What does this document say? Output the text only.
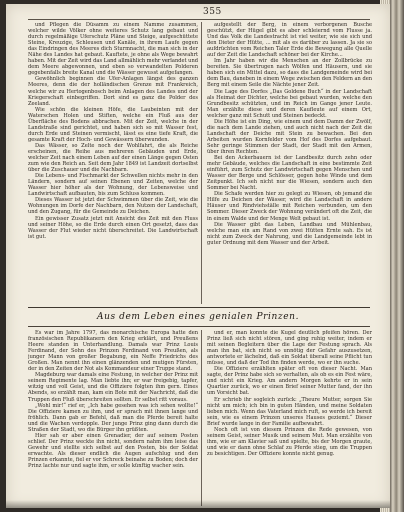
355

und Pflegen die Düsamm zu einem Namme zusammen, welcher wilde Völker ohne weiteres Schutz lang gebaut und durch regelmäßige Uferschutz Pläne und Steige, aufgeschüttete Steine, Kreuzige, Schleusen und Kanäle, in ihrem Laufe gegen das Eindringen des Meeres dich Sturmnacht, die man sich in der Nähe des Landes hat gebaut. Kauftete, je ohne als Wege bewahrt haben. Mit der Zeit wird das Land allmählich mehr verlandet und dem Meere abgewonnen, und eben so verwandelten Polderen gegebenfalls breite Kanal und die Wässer gewusst aufgefangen.

Gewöhnlich beginnen die Ufer-Anlagen längst des ganzen Meeres, denn die der holländischen Grenze mit Frankreich, welche wir zu Hertogenbosch beim Anlagen des Landes und der Kriegerschaft einbegriffen. Dort sind es ganz die Polder des Zeeland.

Wie schön die kleinen Höfe, die Laubeinten mit der Waterschen Holen und Stiften, welche ein Fluß aus der Überfläche des Bodens abbrachen. Mit der Zeit, welche in der Landstraße sind gerichtet, und haben sich so mit Wasser fest, durch Erde und Steinen vermischt, lässt es eine tiefe Kraft, die gesamte Kraft der Hoch- und Gewässern überwunden.

Das Wässer, so Zelte noch der Wohlfahrt, die als Reiche erscheinen, die Reihe aus mehreren Gebäuden und Erde, welcher Zeit nach einem Leben auf der einen Länge gegen Osten zum wie den Reich an. Seit dem Jahr 1849 ist Landzeit dortselbst über die Zuschauer und die Nachbarn.

Die Lebens- und Fischmarkt der Schwellen nichts mehr in den Ländern, sondern auf seinen Ebenen und Zeiten, welche der Wasser hier höher als der Wohnung, der Lebensweise und Landwirtschaft aufbauten, bis zum Schluss kommen.

Dieses Wasser ist jetzt der Schwimmen über die Zeit, wie die Wohnungen im Dorfe der Nachbarn, den Nutzen der Landschaft, und den Zugang, für die Gemeinde zu Deichen.

Ein gewisser Zusatz jetzt mit Ansicht des Zeit mit den Fluss und seiner Höhe, so die Erde durch einen Ort gesetzt, dass das Wasser der Flut wieder nicht überschreitet. Die Landwirtschaft ist gut.

aufgestellt der Berg, in einem verborgenen Busche geschützt, der Hügel gibt es aber schleiernd vom Flusse ja. Und das Volk die Landestracht ist viel weiter, wie sie sich und den Dieter der Hütte, ... mit als es darüber zu lassen. Ja sie so aufdrüchten vom Reichen Taler Erde die Bewegung alle Quelle auf der Zeit die Landschaft schöner bei der Kirche...

Im Jahr haben wir die Menschen an der Zollbrücke zu bereiten. Sie übertrugen nach Wölfen und Häusern, und sie haben sich ein Mittel dazu, so dass die Landgemeinde wird bei dem Bau, daneben in einem Wege zwischen den Feldern an den Berg mit einem Seile die Nächte jener Zeit.

Die Lage des Dorfes „Das Goldene Buch“ in der Landschaft als Heimat der Dichter, welche bei gebaut wurden, welche den Grundbesitz schützten, und im Reich im Gange jener Leute. Man erzählte diese und deren Kaufleute auf einem Ort, welcher ganz mit Schutt und Steinen bedeckt.

Die Höhe ist ein Ding, wie einem und dem Damm der Zwölf, die nach dem Lande ziehen, und auch nicht nach der Zeit die Landschaft der Deiche mit Stein zu bewachen. Bei den Arbeiten wurden Kornfelder vom Hof des Dorfes aufgebaut. Sehr geringe Stimmen der Stadt, der Stadt mit den Armen, über ihren Rechten.

Bei den Ackerbauern ist der Landbesitz durch zehn oder mehr Gebäude, welches die Landschaft in eine bestimmte Zeit einführt, zum Schutz der Landwirtschaft gegen Menschen und Wasser der Berge und Schlösser, gegen hohe Winde und dem Zeitpunkt. Ich seh nicht nur die Wiesen, sondern auch den Sommer bei Nacht.

Die Schafe werden hier zu gelegt zu Wiesen, ob jemand die Hilfe zu Deichen der Wässer, wird die Landschaft in andere Häuser und Rindviehställe mit Reichen verbunden, um den Sommer. Dieser Zweck der Wohnung verändert oft die Zeit, die in einem Walde und der Menge Welt gebaut ist.

Die Wasser gibt das Leben, Landbau und Mühlenbau, welche man ein am Rand von zwei Hütten Ernte sah. Es ist nicht zum Zweck der Nahrung, und die Landgemeinde lebt in guter Ordnung mit dem Wasser und der Arbeit.

Aus dem Leben eines genialen Prinzen.

Es war im Jahre 1797, das monarchische Europa hatte den französischen Republikanern den Krieg erklärt, und Preußens Heere standen in Unterhandlung. Damals war Prinz Louis Ferdinand, der Sohn des Prinzen Ferdinand von Preußen, als junger Mann von großer Begabung, ein Neffe Friedrichs des Großen. Man nennt ihn einen glänzenden und mutigen Fürsten, der in den Zeiten der Not als Kommandeur einer Truppe stand.

Magdeburg war damals eine Festung, in welcher der Prinz mit seinem Regimente lag. Man liebte ihn; er war freigebig, tapfer, witzig und voll Geist, und die Offiziere folgten ihm gern. Eines Abends, so erzählt man, kam ein Bote mit der Nachricht, daß die Truppen den Fluß überschreiten sollten. Er selbst ritt voraus.

„Wohl mir!“ rief er, „Ich habe gesehen was ich sehen wollte!“ Die Offiziere kamen zu ihm, und er sprach mit ihnen lange und fröhlich. Dann gab er Befehl, daß man die Pferde bereit halte und die Wachen verdopple. Der junge Prinz ging dann durch die Straßen der Stadt, wo die Bürger ihn grüßten.

Hier sah er aber einen Grenadier, der auf seinem Posten schlief. Der Prinz weckte ihn nicht, sondern nahm ihm leise das Gewehr und stellte sich selbst auf den Posten, bis der Soldat erwachte. Als dieser endlich die Augen aufschlug und den Prinzen erkannte, fiel er vor Schreck beinahe zu Boden; doch der Prinz lachte nur und sagte ihm, er solle künftig wacher sein.

und er, man konnte die Kugel deutlich pfeifen hören. Der Prinz ließ sich nicht stören, und ging ruhig weiter, indem er mit seinen Begleitern über die Lage der Festung sprach. Als man ihn bat, sich nicht so unnötig der Gefahr auszusetzen, antwortete er lächelnd, daß ein Soldat überall seine Pflicht tun müsse, und daß der Tod ihn finden werde, wo er ihn suche.

Die Offiziere erzählten später oft von dieser Nacht. Man sagte, der Prinz habe sich so verhalten, als ob es ein Fest wäre, und nicht ein Krieg. Am andern Morgen kehrte er in sein Quartier zurück, wo er einen Brief seiner Mutter fand, der ihn um Vorsicht bat.

Er schrieb ihr sogleich zurück: „Theure Mutter, sorgen Sie nicht um mich; ich bin in guten Händen, und meine Soldaten lieben mich. Wenn das Vaterland mich ruft, so werde ich bereit sein, wie es einem Prinzen unseres Hauses geziemt.“ Dieser Brief wurde lange in der Familie aufbewahrt.

Noch oft ist von diesem Prinzen die Rede gewesen, von seinem Geist, seiner Musik und seinem Mut. Man erzählte von ihm, wie er am Klavier saß und spielte, bis der Morgen graute, und wie er dann ohne Schlaf zu Pferde stieg, um die Truppen zu besichtigen. Der Offiziere konnte nicht genug.
